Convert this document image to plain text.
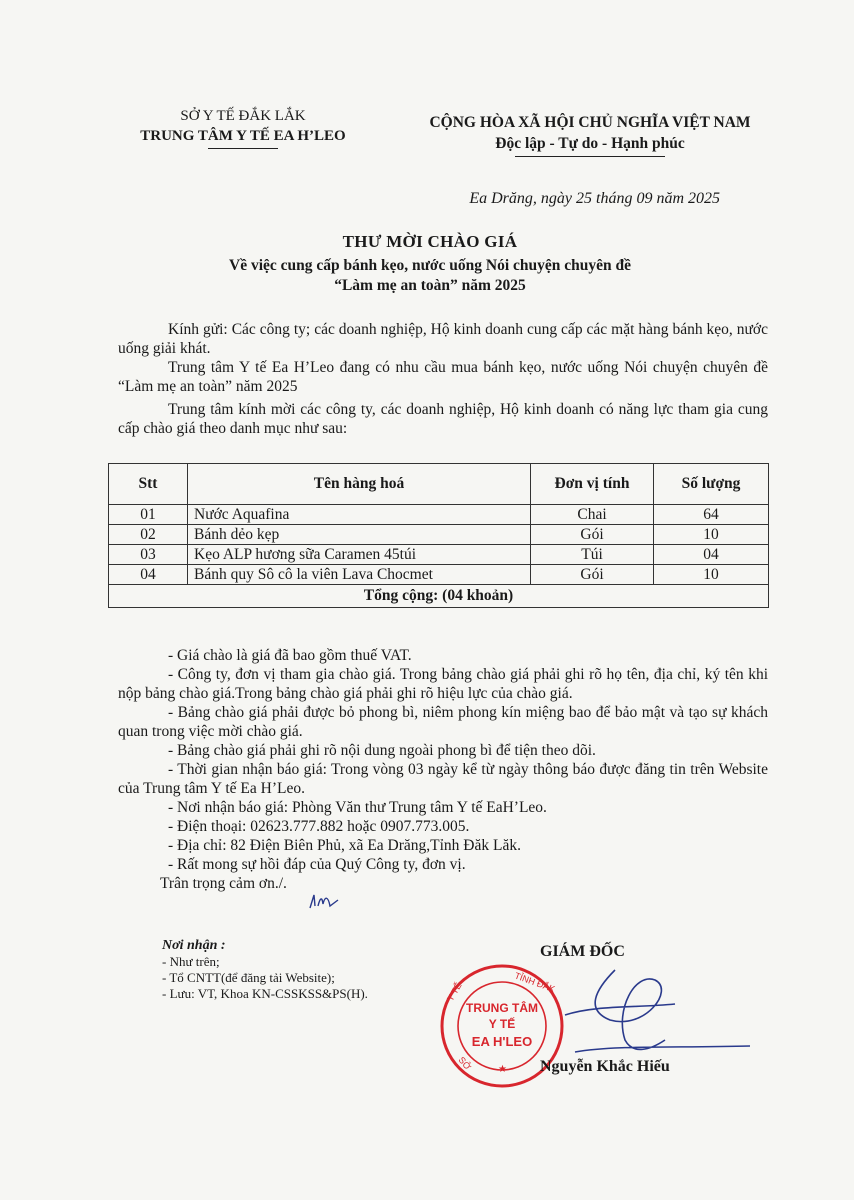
SỞ Y TẾ ĐẮK LẮK
TRUNG TÂM Y TẾ EA H’LEO
CỘNG HÒA XÃ HỘI CHỦ NGHĨA VIỆT NAM
Độc lập - Tự do - Hạnh phúc
Ea Drăng, ngày 25 tháng 09 năm 2025
THƯ MỜI CHÀO GIÁ
Về việc cung cấp bánh kẹo, nước uống Nói chuyện chuyên đề
“Làm mẹ an toàn” năm 2025
Kính gửi: Các công ty; các doanh nghiệp, Hộ kinh doanh cung cấp các mặt hàng bánh kẹo, nước uống giải khát.
Trung tâm Y tế Ea H’Leo đang có nhu cầu mua bánh kẹo, nước uống Nói chuyện chuyên đề “Làm mẹ an toàn” năm 2025
Trung tâm kính mời các công ty, các doanh nghiệp, Hộ kinh doanh có năng lực tham gia cung cấp chào giá theo danh mục như sau:
Stt	Tên hàng hoá	Đơn vị tính	Số lượng
01	Nước Aquafina	Chai	64
02	Bánh dẻo kẹp	Gói	10
03	Kẹo ALP hương sữa Caramen 45túi	Túi	04
04	Bánh quy Sô cô la viên Lava Chocmet	Gói	10
Tổng cộng: (04 khoản)			

- Giá chào là giá đã bao gồm thuế VAT.

- Công ty, đơn vị tham gia chào giá. Trong bảng chào giá phải ghi rõ họ tên, địa chỉ, ký tên khi nộp bảng chào giá.Trong bảng chào giá phải ghi rõ hiệu lực của chào giá.

- Bảng chào giá phải được bỏ phong bì, niêm phong kín miệng bao để bảo mật và tạo sự khách quan trong việc mời chào giá.

- Bảng chào giá phải ghi rõ nội dung ngoài phong bì để tiện theo dõi.

- Thời gian nhận báo giá: Trong vòng 03 ngày kể từ ngày thông báo được đăng tin trên Website của Trung tâm Y tế Ea H’Leo.

- Nơi nhận báo giá: Phòng Văn thư Trung tâm Y tế EaH’Leo.

- Điện thoại: 02623.777.882 hoặc 0907.773.005.

- Địa chỉ: 82 Điện Biên Phủ, xã Ea Drăng,Tỉnh Đăk Lăk.

- Rất mong sự hồi đáp của Quý Công ty, đơn vị.

Trân trọng cảm ơn./.

Nơi nhận :
- Như trên;
- Tổ CNTT(để đăng tải Website);
- Lưu: VT, Khoa KN-CSSKSS&PS(H).
GIÁM ĐỐC
TỈNH ĐẮK
Y TẾ
SỞ
TRUNG TÂM
Y TẾ
EA H'LEO
★ Nguyễn Khắc Hiếu
